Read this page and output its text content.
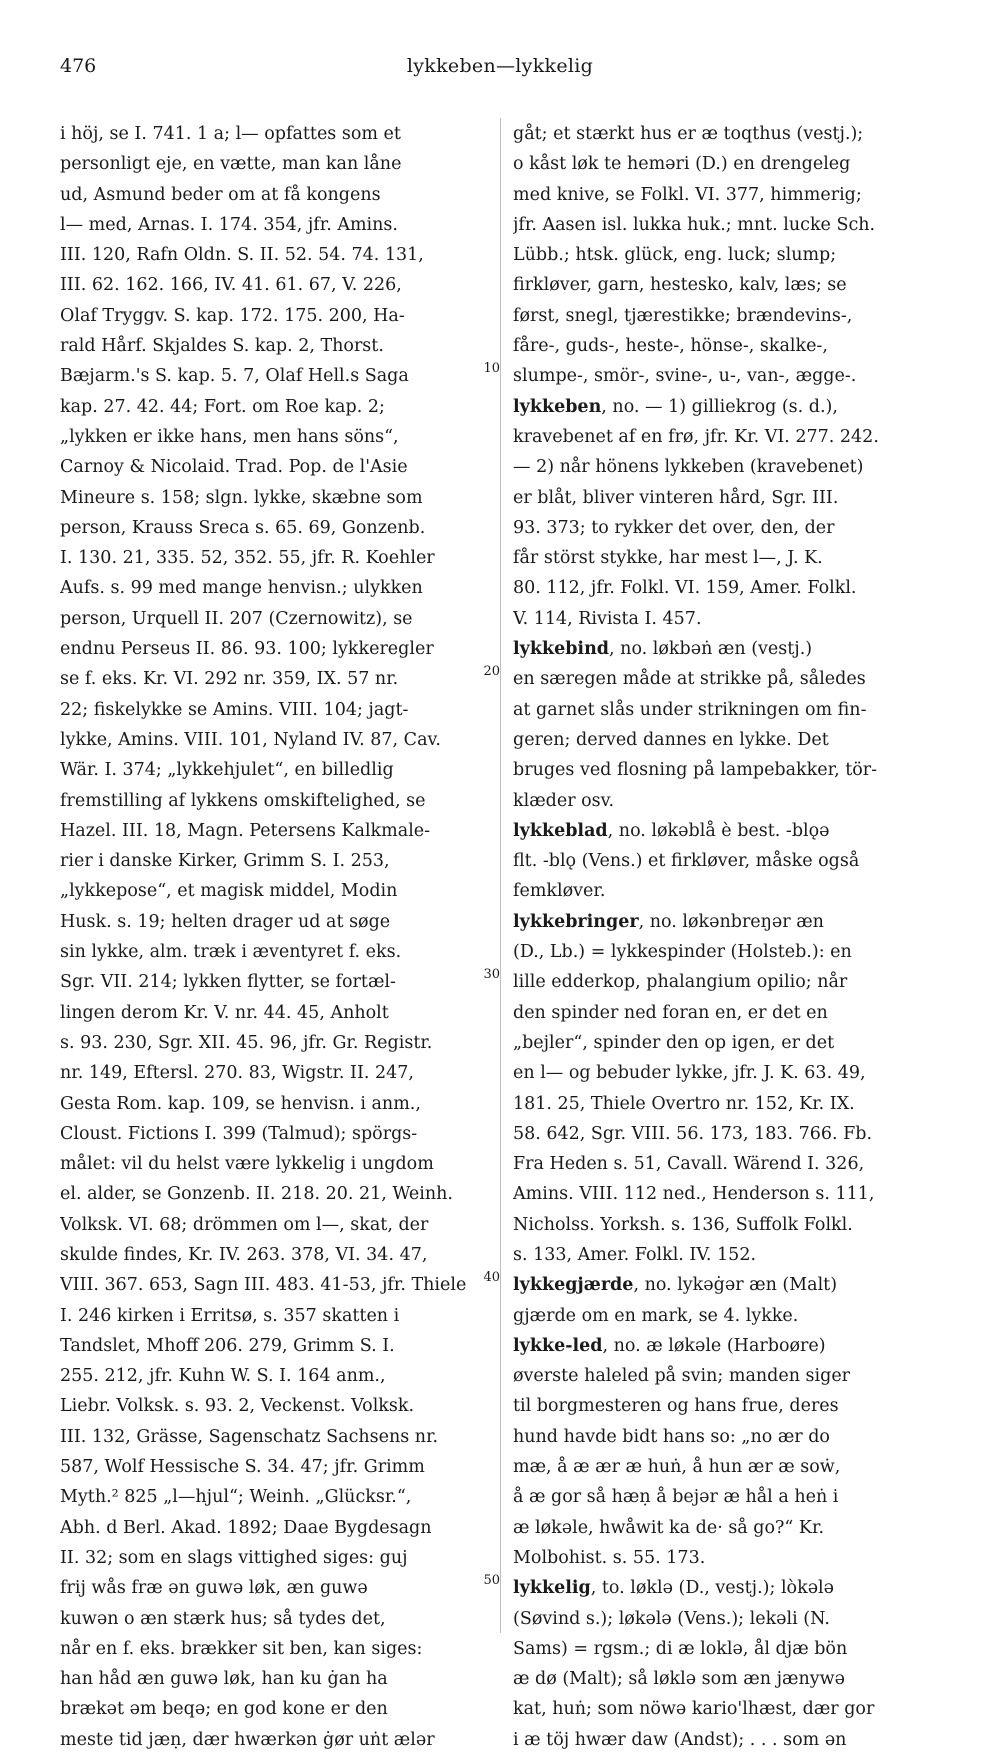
476	lykkeben—lykkelig
i höj, se I. 741. 1 a; l— opfattes som et
personligt eje, en vætte, man kan låne
ud, Asmund beder om at få kongens
l— med, Arnas. I. 174. 354, jfr. Amins.
III. 120, Rafn Oldn. S. II. 52. 54. 74. 131,
III. 62. 162. 166, IV. 41. 61. 67, V. 226,
Olaf Tryggv. S. kap. 172. 175. 200, Ha-
rald Hårf. Skjaldes S. kap. 2, Thorst.
Bæjarm.'s S. kap. 5. 7, Olaf Hell.s Saga
kap. 27. 42. 44; Fort. om Roe kap. 2;
„lykken er ikke hans, men hans söns“,
Carnoy & Nicolaid. Trad. Pop. de l'Asie
Mineure s. 158; slgn. lykke, skæbne som
person, Krauss Sreca s. 65. 69, Gonzenb.
I. 130. 21, 335. 52, 352. 55, jfr. R. Koehler
Aufs. s. 99 med mange henvisn.; ulykken
person, Urquell II. 207 (Czernowitz), se
endnu Perseus II. 86. 93. 100; lykkeregler
se f. eks. Kr. VI. 292 nr. 359, IX. 57 nr.
22; fiskelykke se Amins. VIII. 104; jagt-
lykke, Amins. VIII. 101, Nyland IV. 87, Cav.
Wär. I. 374; „lykkehjulet“, en billedlig
fremstilling af lykkens omskiftelighed, se
Hazel. III. 18, Magn. Petersens Kalkmale-
rier i danske Kirker, Grimm S. I. 253,
„lykkepose“, et magisk middel, Modin
Husk. s. 19; helten drager ud at søge
sin lykke, alm. træk i æventyret f. eks.
Sgr. VII. 214; lykken flytter, se fortæl-
lingen derom Kr. V. nr. 44. 45, Anholt
s. 93. 230, Sgr. XII. 45. 96, jfr. Gr. Registr.
nr. 149, Eftersl. 270. 83, Wigstr. II. 247,
Gesta Rom. kap. 109, se henvisn. i anm.,
Cloust. Fictions I. 399 (Talmud); spörgs-
målet: vil du helst være lykkelig i ungdom
el. alder, se Gonzenb. II. 218. 20. 21, Weinh.
Volksk. VI. 68; drömmen om l—, skat, der
skulde findes, Kr. IV. 263. 378, VI. 34. 47,
VIII. 367. 653, Sagn III. 483. 41-53, jfr. Thiele
I. 246 kirken i Erritsø, s. 357 skatten i
Tandslet, Mhoff 206. 279, Grimm S. I.
255. 212, jfr. Kuhn W. S. I. 164 anm.,
Liebr. Volksk. s. 93. 2, Veckenst. Volksk.
III. 132, Grässe, Sagenschatz Sachsens nr.
587, Wolf Hessische S. 34. 47; jfr. Grimm
Myth.² 825 „l—hjul“; Weinh. „Glücksr.“,
Abh. d Berl. Akad. 1892; Daae Bygdesagn
II. 32; som en slags vittighed siges: guj
frij wås fræ ən guwə løk, æn guwə
kuwən o æn stærk hus; så tydes det,
når en f. eks. brækker sit ben, kan siges:
han håd æn guwə løk, han ku ġan ha
brækət əm beqə; en god kone er den
meste tid jæṇ, dær hwærkən ġør uṅt ælər
gåt; et stærkt hus er æ toqthus (vestj.);
o kåst løk te heməri (D.) en drengeleg
med knive, se Folkl. VI. 377, himmerig;
jfr. Aasen isl. lukka huk.; mnt. lucke Sch.
Lübb.; htsk. glück, eng. luck; slump;
firkløver, garn, hestesko, kalv, læs; se
først, snegl, tjærestikke; brændevins-,
fåre-, guds-, heste-, hönse-, skalke-,
slumpe-, smör-, svine-, u-, van-, ægge-.
lykkeben, no. — 1) gilliekrog (s. d.),
kravebenet af en frø, jfr. Kr. VI. 277. 242.
— 2) når hönens lykkeben (kravebenet)
er blåt, bliver vinteren hård, Sgr. III.
93. 373; to rykker det over, den, der
får störst stykke, har mest l—, J. K.
80. 112, jfr. Folkl. VI. 159, Amer. Folkl.
V. 114, Rivista I. 457.
lykkebind, no. løkbəṅ æn (vestj.)
en særegen måde at strikke på, således
at garnet slås under strikningen om fin-
geren; derved dannes en lykke. Det
bruges ved flosning på lampebakker, tör-
klæder osv.
lykkeblad, no. løkəblå è best. -blǫə
flt. -blǫ (Vens.) et firkløver, måske også
femkløver.
lykkebringer, no. løkənbreŋər æn
(D., Lb.) = lykkespinder (Holsteb.): en
lille edderkop, phalangium opilio; når
den spinder ned foran en, er det en
„bejler“, spinder den op igen, er det
en l— og bebuder lykke, jfr. J. K. 63. 49,
181. 25, Thiele Overtro nr. 152, Kr. IX.
58. 642, Sgr. VIII. 56. 173, 183. 766. Fb.
Fra Heden s. 51, Cavall. Wärend I. 326,
Amins. VIII. 112 ned., Henderson s. 111,
Nicholss. Yorksh. s. 136, Suffolk Folkl.
s. 133, Amer. Folkl. IV. 152.
lykkegjærde, no. lykəġər æn (Malt)
gjærde om en mark, se 4. lykke.
lykke-led, no. æ løkəle (Harboøre)
øverste haleled på svin; manden siger
til borgmesteren og hans frue, deres
hund havde bidt hans so: „no ær do
mæ, å æ ær æ huṅ, å hun ær æ soẇ,
å æ gor så hæṇ å bejər æ hål a heṅ i
æ løkəle, hwåwit ka de· så go?“ Kr.
Molbohist. s. 55. 173.
lykkelig, to. løklə (D., vestj.); lòkələ
(Søvind s.); løkələ (Vens.); lekəli (N.
Sams) = rgsm.; di æ loklə, ål djæ bön
æ dø (Malt); så løklə som æn jænywə
kat, huṅ; som nöwə kario'lhæst, dær gor
i æ töj hwær daw (Andst); . . . som ən
10
20
30
40
50
